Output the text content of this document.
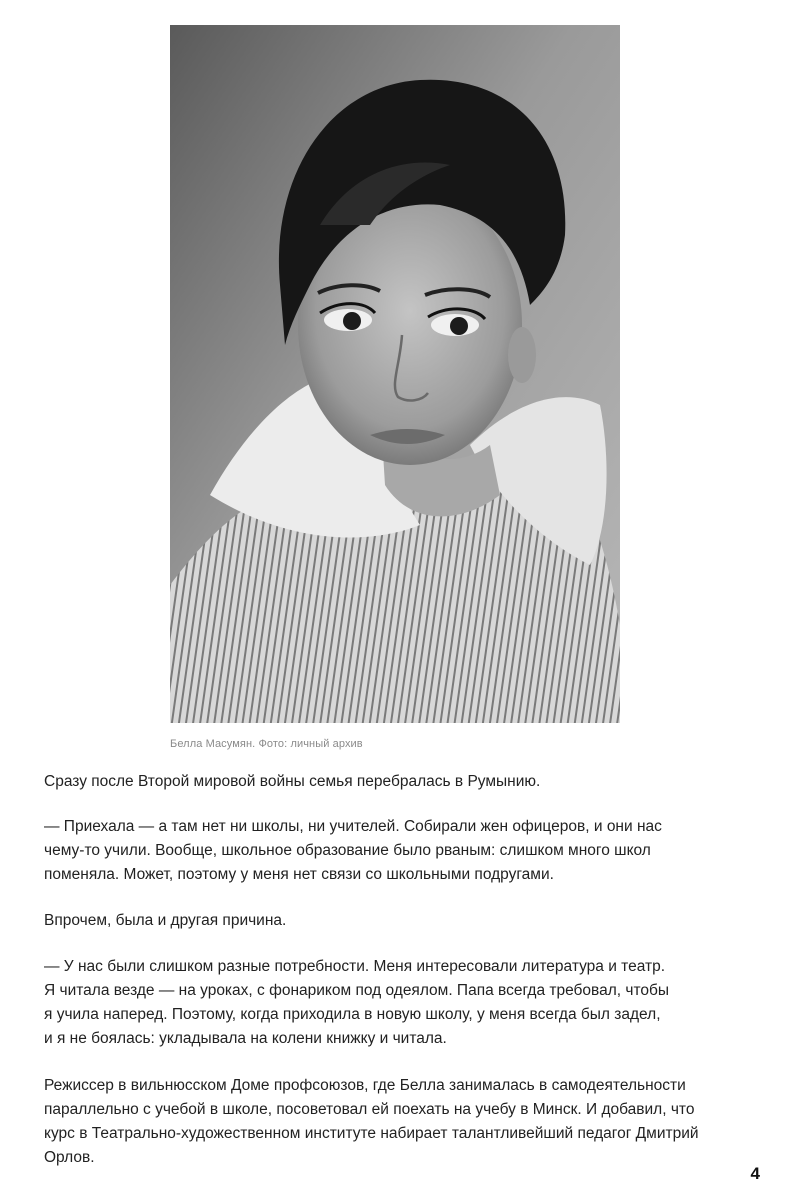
Белла Масумян. Фото: личный архив

Сразу после Второй мировой войны семья перебралась в Румынию.

— Приехала — а там нет ни школы, ни учителей. Собирали жен офицеров, и они нас
чему-то учили. Вообще, школьное образование было рваным: слишком много школ
поменяла. Может, поэтому у меня нет связи со школьными подругами.

Впрочем, была и другая причина.

— У нас были слишком разные потребности. Меня интересовали литература и театр.
Я читала везде — на уроках, с фонариком под одеялом. Папа всегда требовал, чтобы
я учила наперед. Поэтому, когда приходила в новую школу, у меня всегда был задел,
и я не боялась: укладывала на колени книжку и читала.

Режиссер в вильнюсском Доме профсоюзов, где Белла занималась в самодеятельности
параллельно с учебой в школе, посоветовал ей поехать на учебу в Минск. И добавил, что
курс в Театрально-художественном институте набирает талантливейший педагог Дмитрий
Орлов.

4
